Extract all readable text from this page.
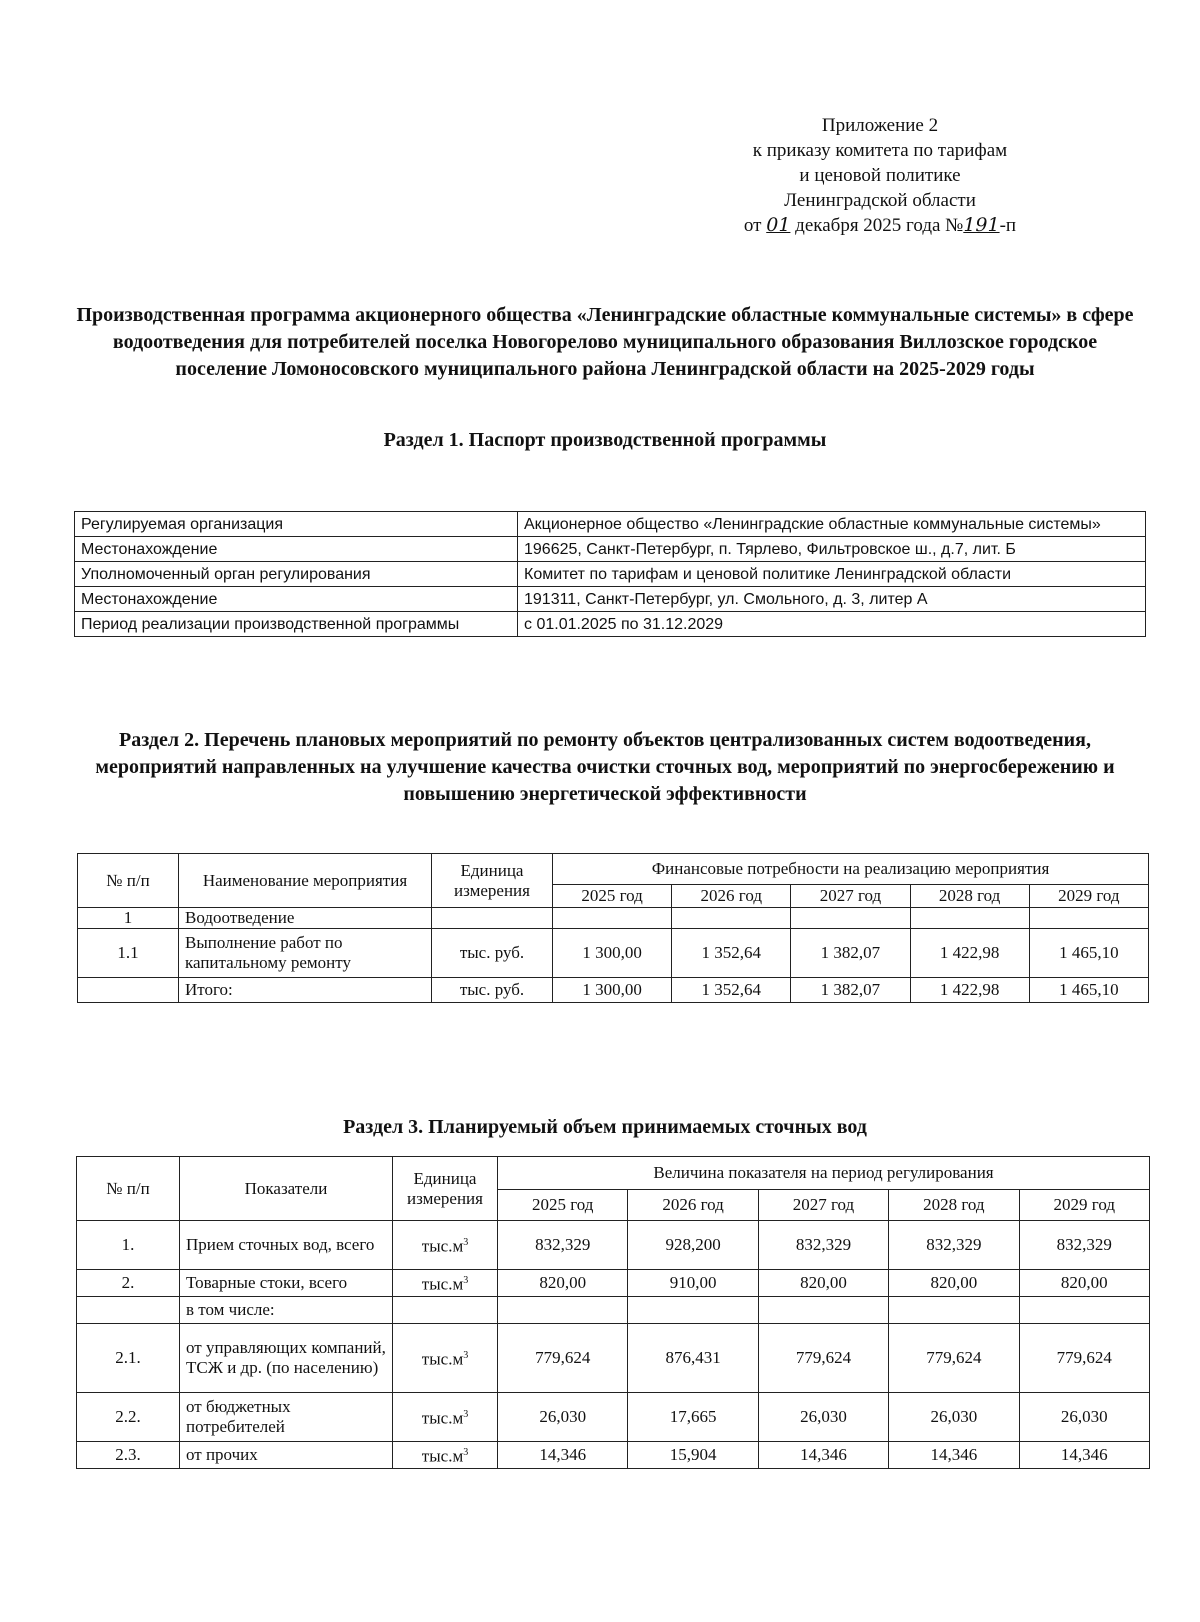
Приложение 2
к приказу комитета по тарифам
и ценовой политике
Ленинградской области
от 01 декабря 2025 года №191-п
Производственная программа акционерного общества «Ленинградские областные коммунальные системы» в сфере водоотведения для потребителей поселка Новогорелово муниципального образования Виллозское городское поселение Ломоносовского муниципального района Ленинградской области на 2025-2029 годы
Раздел 1. Паспорт производственной программы
Регулируемая организация	Акционерное общество «Ленинградские областные коммунальные системы»
Местонахождение	196625, Санкт-Петербург, п. Тярлево, Фильтровское ш., д.7, лит. Б
Уполномоченный орган регулирования	Комитет по тарифам и ценовой политике Ленинградской области
Местонахождение	191311, Санкт-Петербург, ул. Смольного, д. 3, литер А
Период реализации производственной программы	с 01.01.2025 по 31.12.2029
Раздел 2. Перечень плановых мероприятий по ремонту объектов централизованных систем водоотведения, мероприятий направленных на улучшение качества очистки сточных вод, мероприятий по энергосбережению и повышению энергетической эффективности
№ п/п	Наименование мероприятия	Единица измерения	Финансовые потребности на реализацию мероприятия				
			2025 год	2026 год	2027 год	2028 год	2029 год
1	Водоотведение						
1.1	Выполнение работ по капитальному ремонту	тыс. руб.	1 300,00	1 352,64	1 382,07	1 422,98	1 465,10
	Итого:	тыс. руб.	1 300,00	1 352,64	1 382,07	1 422,98	1 465,10
Раздел 3. Планируемый объем принимаемых сточных вод
№ п/п	Показатели	Единица измерения	Величина показателя на период регулирования				
			2025 год	2026 год	2027 год	2028 год	2029 год
1.	Прием сточных вод, всего	$тыс.м^3$	832,329	928,200	832,329	832,329	832,329
2.	Товарные стоки, всего	$тыс.м^3$	820,00	910,00	820,00	820,00	820,00
	в том числе:						
2.1.	от управляющих компаний, ТСЖ и др. (по населению)	$тыс.м^3$	779,624	876,431	779,624	779,624	779,624
2.2.	от бюджетных потребителей	$тыс.м^3$	26,030	17,665	26,030	26,030	26,030
2.3.	от прочих	$тыс.м^3$	14,346	15,904	14,346	14,346	14,346
